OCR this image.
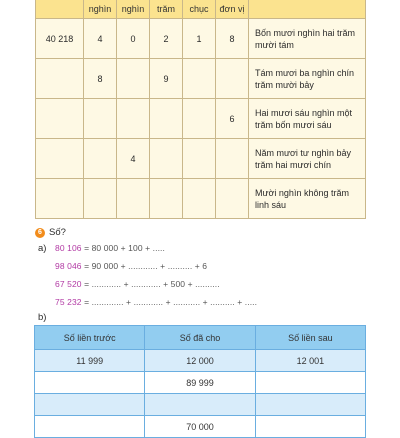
	nghìn	nghìn	trăm	chục	đơn vị	
40 218	4	0	2	1	8	Bốn mươi nghìn hai trăm mười tám
	8		9			Tám mươi ba nghìn chín trăm mười bảy
					6	Hai mươi sáu nghìn một trăm bốn mươi sáu
		4				Năm mươi tư nghìn bảy trăm hai mươi chín
						Mười nghìn không trăm linh sáu
6 Số?
a) 80 106 = 80 000 + 100 + .....
98 046 = 90 000 + ............ + .......... + 6
67 520 = ............ + ............ + 500 + ..........
75 232 = ............. + ............ + ........... + .......... + .....
b)
Số liền trước	Số đã cho	Số liền sau
11 999	12 000	12 001
	89 999	

	70 000	
